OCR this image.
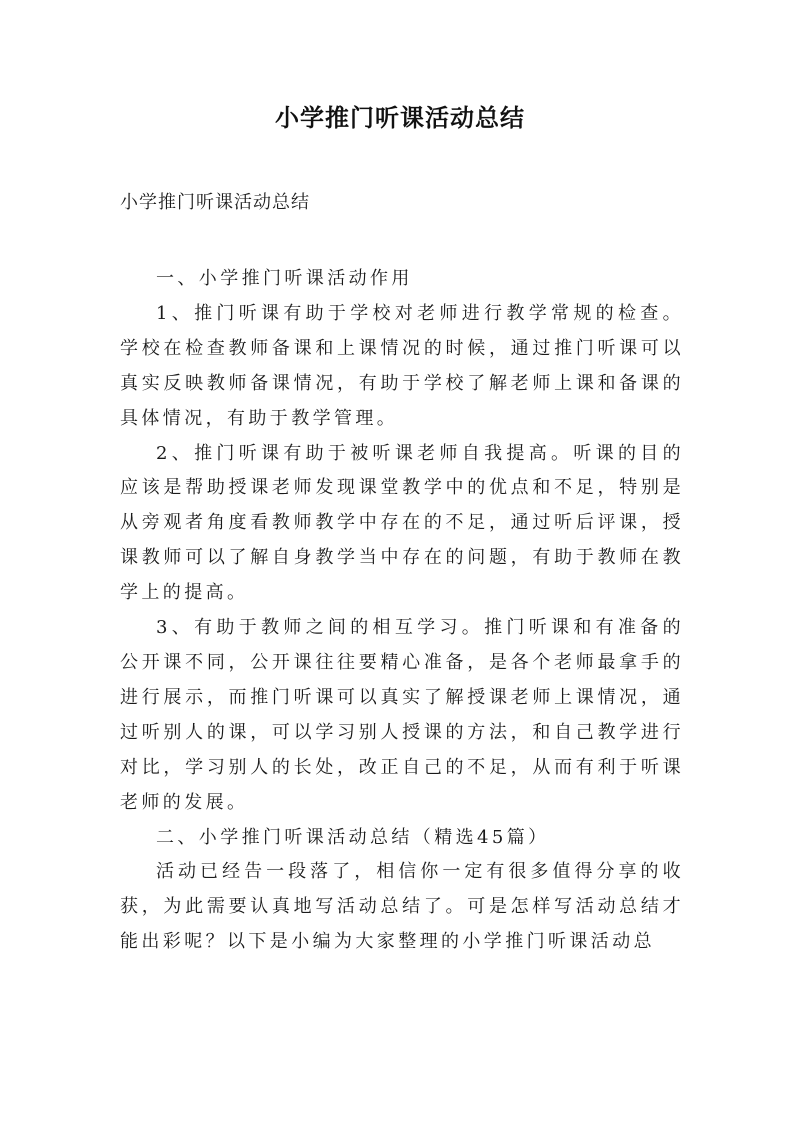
小学推门听课活动总结
小学推门听课活动总结

一、小学推门听课活动作用

1、推门听课有助于学校对老师进行教学常规的检查。学校在检查教师备课和上课情况的时候，通过推门听课可以真实反映教师备课情况，有助于学校了解老师上课和备课的具体情况，有助于教学管理。

2、推门听课有助于被听课老师自我提高。听课的目的应该是帮助授课老师发现课堂教学中的优点和不足，特别是从旁观者角度看教师教学中存在的不足，通过听后评课，授课教师可以了解自身教学当中存在的问题，有助于教师在教学上的提高。

3、有助于教师之间的相互学习。推门听课和有准备的公开课不同，公开课往往要精心准备，是各个老师最拿手的进行展示，而推门听课可以真实了解授课老师上课情况，通过听别人的课，可以学习别人授课的方法，和自己教学进行对比，学习别人的长处，改正自己的不足，从而有利于听课老师的发展。

二、小学推门听课活动总结（精选45篇）

活动已经告一段落了，相信你一定有很多值得分享的收获，为此需要认真地写活动总结了。可是怎样写活动总结才能出彩呢？以下是小编为大家整理的小学推门听课活动总
